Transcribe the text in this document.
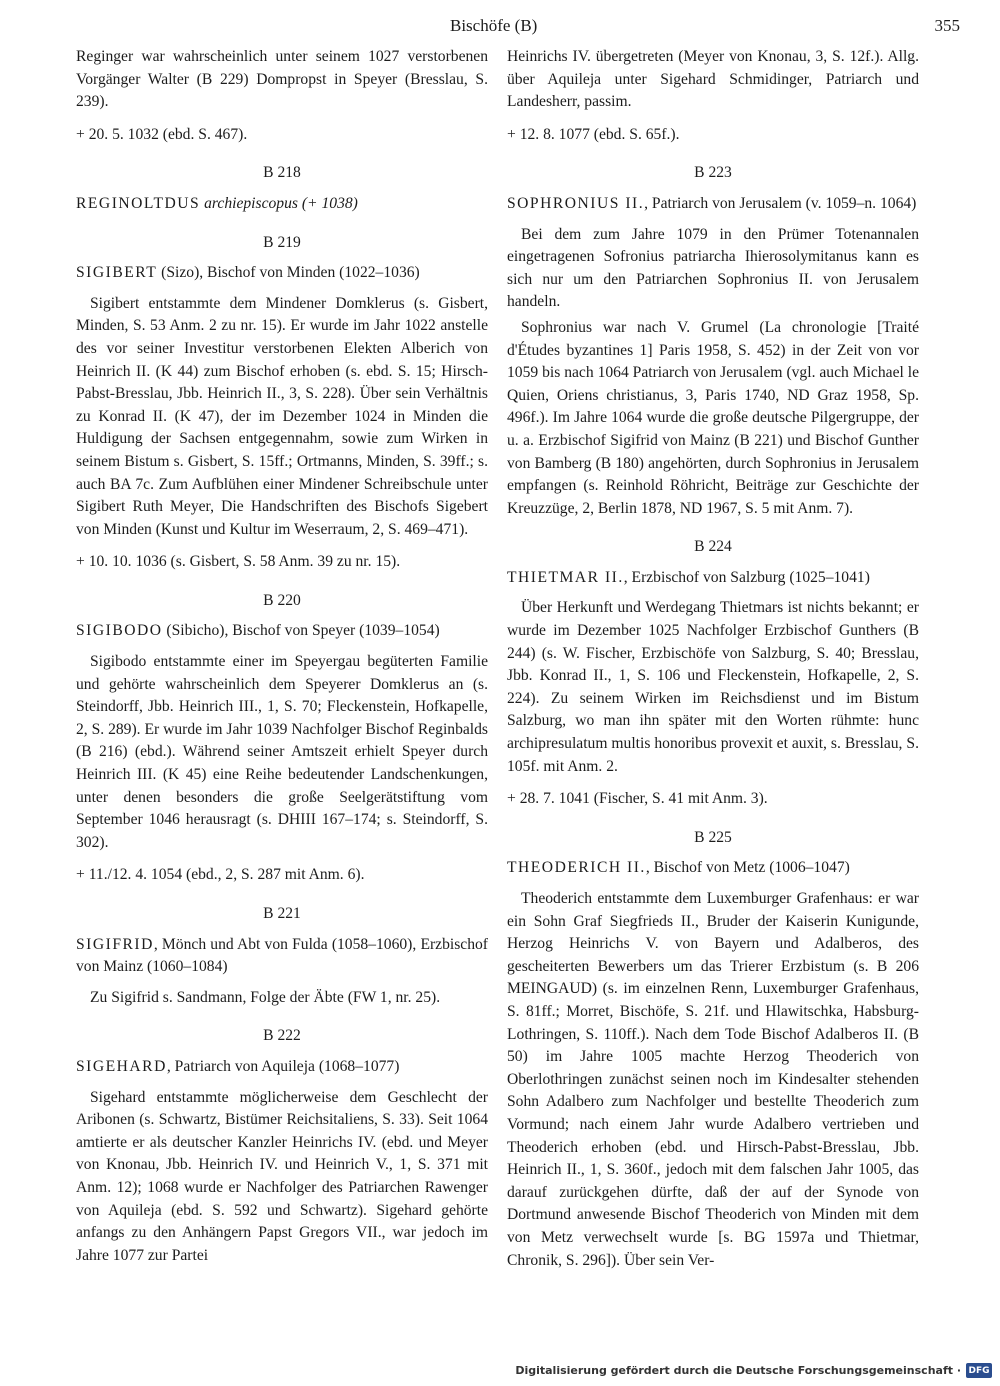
Bischöfe (B)	355

Reginger war wahrscheinlich unter seinem 1027 verstorbenen Vorgänger Walter (B 229) Dompropst in Speyer (Bresslau, S. 239).

+ 20. 5. 1032 (ebd. S. 467).

B 218
REGINOLTDUS archiepiscopus (+ 1038)
B 219
SIGIBERT (Sizo), Bischof von Minden (1022–1036)

Sigibert entstammte dem Mindener Domklerus (s. Gisbert, Minden, S. 53 Anm. 2 zu nr. 15). Er wurde im Jahr 1022 anstelle des vor seiner Investitur verstorbenen Elekten Alberich von Heinrich II. (K 44) zum Bischof erhoben (s. ebd. S. 15; Hirsch-Pabst-Bresslau, Jbb. Heinrich II., 3, S. 228). Über sein Verhältnis zu Konrad II. (K 47), der im Dezember 1024 in Minden die Huldigung der Sachsen entgegennahm, sowie zum Wirken in seinem Bistum s. Gisbert, S. 15ff.; Ortmanns, Minden, S. 39ff.; s. auch BA 7c. Zum Aufblühen einer Mindener Schreibschule unter Sigibert Ruth Meyer, Die Handschriften des Bischofs Sigebert von Minden (Kunst und Kultur im Weserraum, 2, S. 469–471).

+ 10. 10. 1036 (s. Gisbert, S. 58 Anm. 39 zu nr. 15).

B 220
SIGIBODO (Sibicho), Bischof von Speyer (1039–1054)

Sigibodo entstammte einer im Speyergau begüterten Familie und gehörte wahrscheinlich dem Speyerer Domklerus an (s. Steindorff, Jbb. Heinrich III., 1, S. 70; Fleckenstein, Hofkapelle, 2, S. 289). Er wurde im Jahr 1039 Nachfolger Bischof Reginbalds (B 216) (ebd.). Während seiner Amtszeit erhielt Speyer durch Heinrich III. (K 45) eine Reihe bedeutender Landschenkungen, unter denen besonders die große Seelgerätstiftung vom September 1046 herausragt (s. DHIII 167–174; s. Steindorff, S. 302).

+ 11./12. 4. 1054 (ebd., 2, S. 287 mit Anm. 6).

B 221
SIGIFRID, Mönch und Abt von Fulda (1058–1060), Erzbischof von Mainz (1060–1084)

Zu Sigifrid s. Sandmann, Folge der Äbte (FW 1, nr. 25).

B 222
SIGEHARD, Patriarch von Aquileja (1068–1077)

Sigehard entstammte möglicherweise dem Geschlecht der Aribonen (s. Schwartz, Bistümer Reichsitaliens, S. 33). Seit 1064 amtierte er als deutscher Kanzler Heinrichs IV. (ebd. und Meyer von Knonau, Jbb. Heinrich IV. und Heinrich V., 1, S. 371 mit Anm. 12); 1068 wurde er Nachfolger des Patriarchen Rawenger von Aquileja (ebd. S. 592 und Schwartz). Sigehard gehörte anfangs zu den Anhängern Papst Gregors VII., war jedoch im Jahre 1077 zur Partei

Heinrichs IV. übergetreten (Meyer von Knonau, 3, S. 12f.). Allg. über Aquileja unter Sigehard Schmidinger, Patriarch und Landesherr, passim.

+ 12. 8. 1077 (ebd. S. 65f.).

B 223
SOPHRONIUS II., Patriarch von Jerusalem (v. 1059–n. 1064)

Bei dem zum Jahre 1079 in den Prümer Totenannalen eingetragenen Sofronius patriarcha Ihierosolymitanus kann es sich nur um den Patriarchen Sophronius II. von Jerusalem handeln.

Sophronius war nach V. Grumel (La chronologie [Traité d'Études byzantines 1] Paris 1958, S. 452) in der Zeit von vor 1059 bis nach 1064 Patriarch von Jerusalem (vgl. auch Michael le Quien, Oriens christianus, 3, Paris 1740, ND Graz 1958, Sp. 496f.). Im Jahre 1064 wurde die große deutsche Pilgergruppe, der u. a. Erzbischof Sigifrid von Mainz (B 221) und Bischof Gunther von Bamberg (B 180) angehörten, durch Sophronius in Jerusalem empfangen (s. Reinhold Röhricht, Beiträge zur Geschichte der Kreuzzüge, 2, Berlin 1878, ND 1967, S. 5 mit Anm. 7).

B 224
THIETMAR II., Erzbischof von Salzburg (1025–1041)

Über Herkunft und Werdegang Thietmars ist nichts bekannt; er wurde im Dezember 1025 Nachfolger Erzbischof Gunthers (B 244) (s. W. Fischer, Erzbischöfe von Salzburg, S. 40; Bresslau, Jbb. Konrad II., 1, S. 106 und Fleckenstein, Hofkapelle, 2, S. 224). Zu seinem Wirken im Reichsdienst und im Bistum Salzburg, wo man ihn später mit den Worten rühmte: hunc archipresulatum multis honoribus provexit et auxit, s. Bresslau, S. 105f. mit Anm. 2.

+ 28. 7. 1041 (Fischer, S. 41 mit Anm. 3).

B 225
THEODERICH II., Bischof von Metz (1006–1047)

Theoderich entstammte dem Luxemburger Grafenhaus: er war ein Sohn Graf Siegfrieds II., Bruder der Kaiserin Kunigunde, Herzog Heinrichs V. von Bayern und Adalberos, des gescheiterten Bewerbers um das Trierer Erzbistum (s. B 206 MEINGAUD) (s. im einzelnen Renn, Luxemburger Grafenhaus, S. 81ff.; Morret, Bischöfe, S. 21f. und Hlawitschka, Habsburg-Lothringen, S. 110ff.). Nach dem Tode Bischof Adalberos II. (B 50) im Jahre 1005 machte Herzog Theoderich von Oberlothringen zunächst seinen noch im Kindesalter stehenden Sohn Adalbero zum Nachfolger und bestellte Theoderich zum Vormund; nach einem Jahr wurde Adalbero vertrieben und Theoderich erhoben (ebd. und Hirsch-Pabst-Bresslau, Jbb. Heinrich II., 1, S. 360f., jedoch mit dem falschen Jahr 1005, das darauf zurückgehen dürfte, daß der auf der Synode von Dortmund anwesende Bischof Theoderich von Minden mit dem von Metz verwechselt wurde [s. BG 1597a und Thietmar, Chronik, S. 296]). Über sein Ver-

Digitalisierung gefördert durch die Deutsche Forschungsgemeinschaft · DFG
